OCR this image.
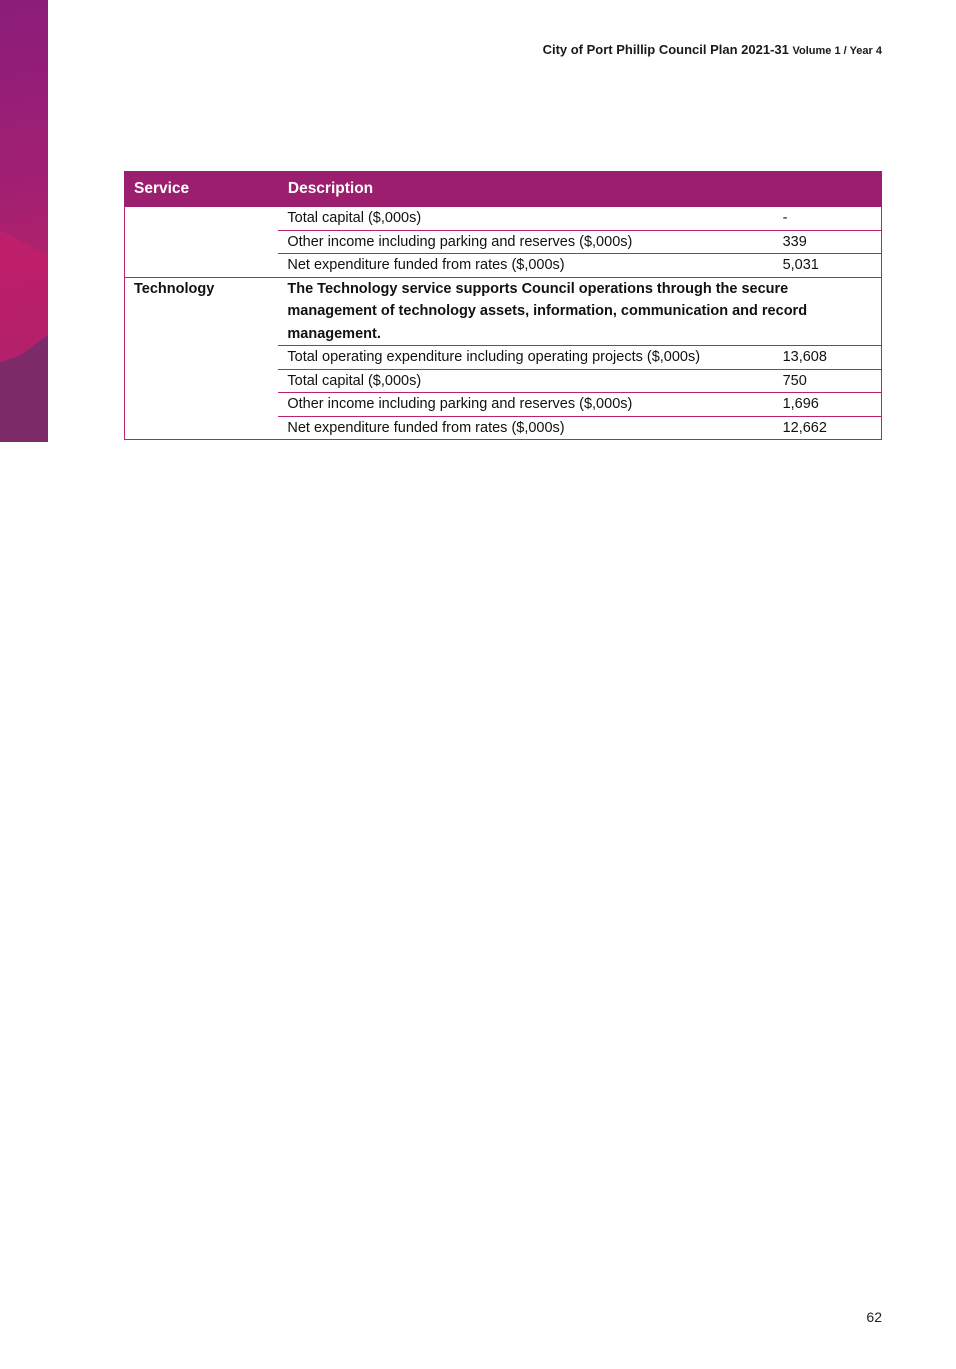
City of Port Phillip Council Plan 2021-31 Volume 1 / Year 4
Service	Description	
	Total capital ($,000s)	-
	Other income including parking and reserves ($,000s)	339
	Net expenditure funded from rates ($,000s)	5,031
Technology	The Technology service supports Council operations through the secure management of technology assets, information, communication and record management.	
	Total operating expenditure including operating projects ($,000s)	13,608
	Total capital ($,000s)	750
	Other income including parking and reserves ($,000s)	1,696
	Net expenditure funded from rates ($,000s)	12,662
62
